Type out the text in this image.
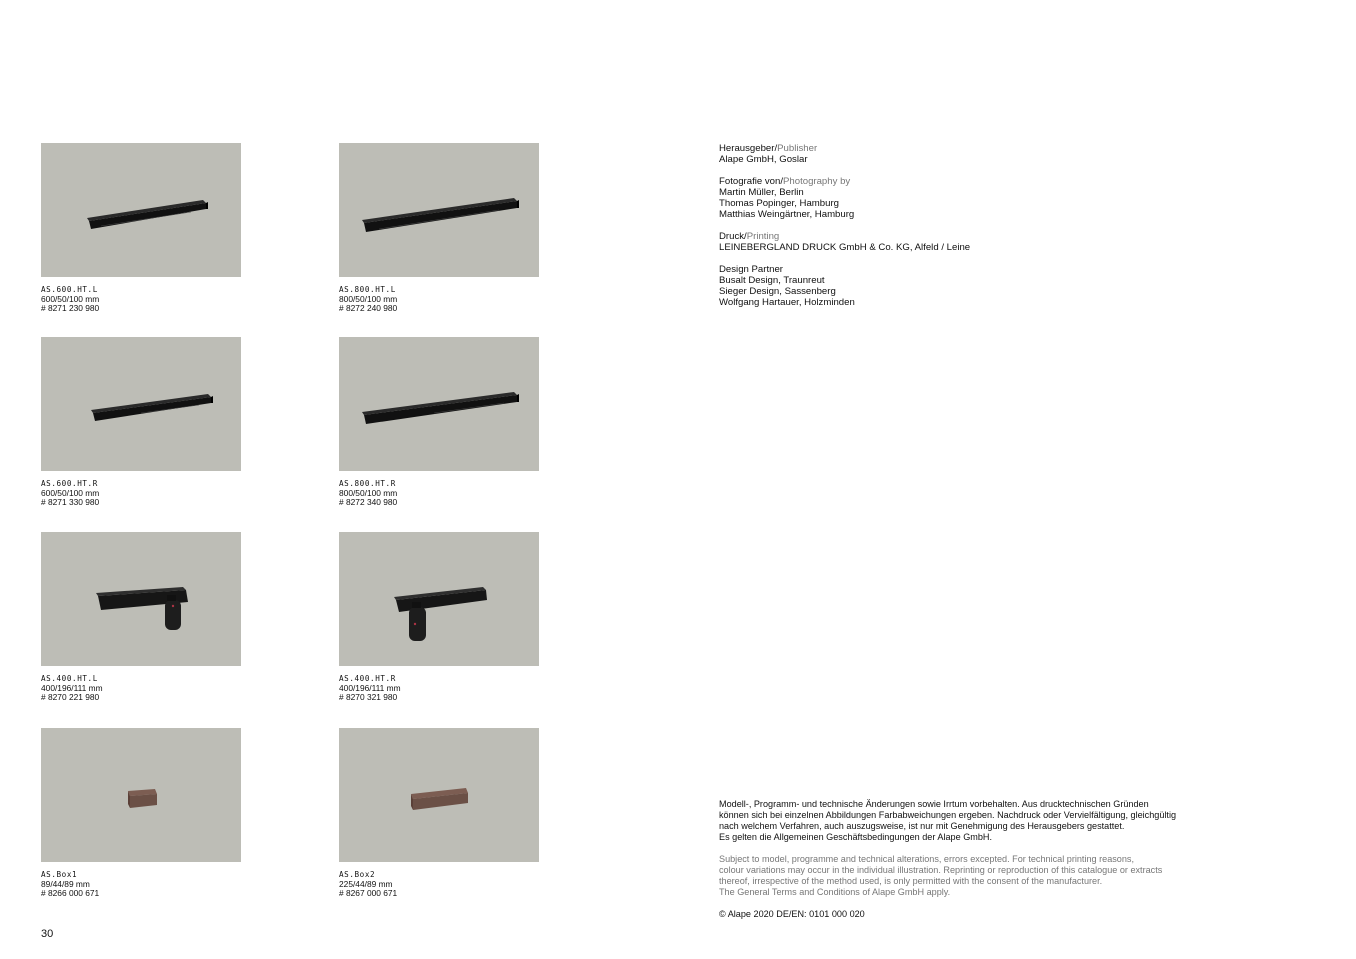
AS.600.HT.L
600/50/100 mm
# 8271 230 980
AS.800.HT.L
800/50/100 mm
# 8272 240 980
AS.600.HT.R
600/50/100 mm
# 8271 330 980
AS.800.HT.R
800/50/100 mm
# 8272 340 980
AS.400.HT.L
400/196/111 mm
# 8270 221 980
AS.400.HT.R
400/196/111 mm
# 8270 321 980
AS.Box1
89/44/89 mm
# 8266 000 671
AS.Box2
225/44/89 mm
# 8267 000 671
30
Herausgeber/Publisher
Alape GmbH, Goslar
Fotografie von/Photography by
Martin Müller, Berlin
Thomas Popinger, Hamburg
Matthias Weingärtner, Hamburg
Druck/Printing
LEINEBERGLAND DRUCK GmbH & Co. KG, Alfeld / Leine
Design Partner
Busalt Design, Traunreut
Sieger Design, Sassenberg
Wolfgang Hartauer, Holzminden

Modell-, Programm- und technische Änderungen sowie Irrtum vorbehalten. Aus drucktechnischen Gründen
können sich bei einzelnen Abbildungen Farbabweichungen ergeben. Nachdruck oder Vervielfältigung, gleichgültig
nach welchem Verfahren, auch auszugsweise, ist nur mit Genehmigung des Herausgebers gestattet.
Es gelten die Allgemeinen Geschäftsbedingungen der Alape GmbH.

Subject to model, programme and technical alterations, errors excepted. For technical printing reasons,
colour variations may occur in the individual illustration. Reprinting or reproduction of this catalogue or extracts
thereof, irrespective of the method used, is only permitted with the consent of the manufacturer.
The General Terms and Conditions of Alape GmbH apply.

© Alape 2020 DE/EN: 0101 000 020
